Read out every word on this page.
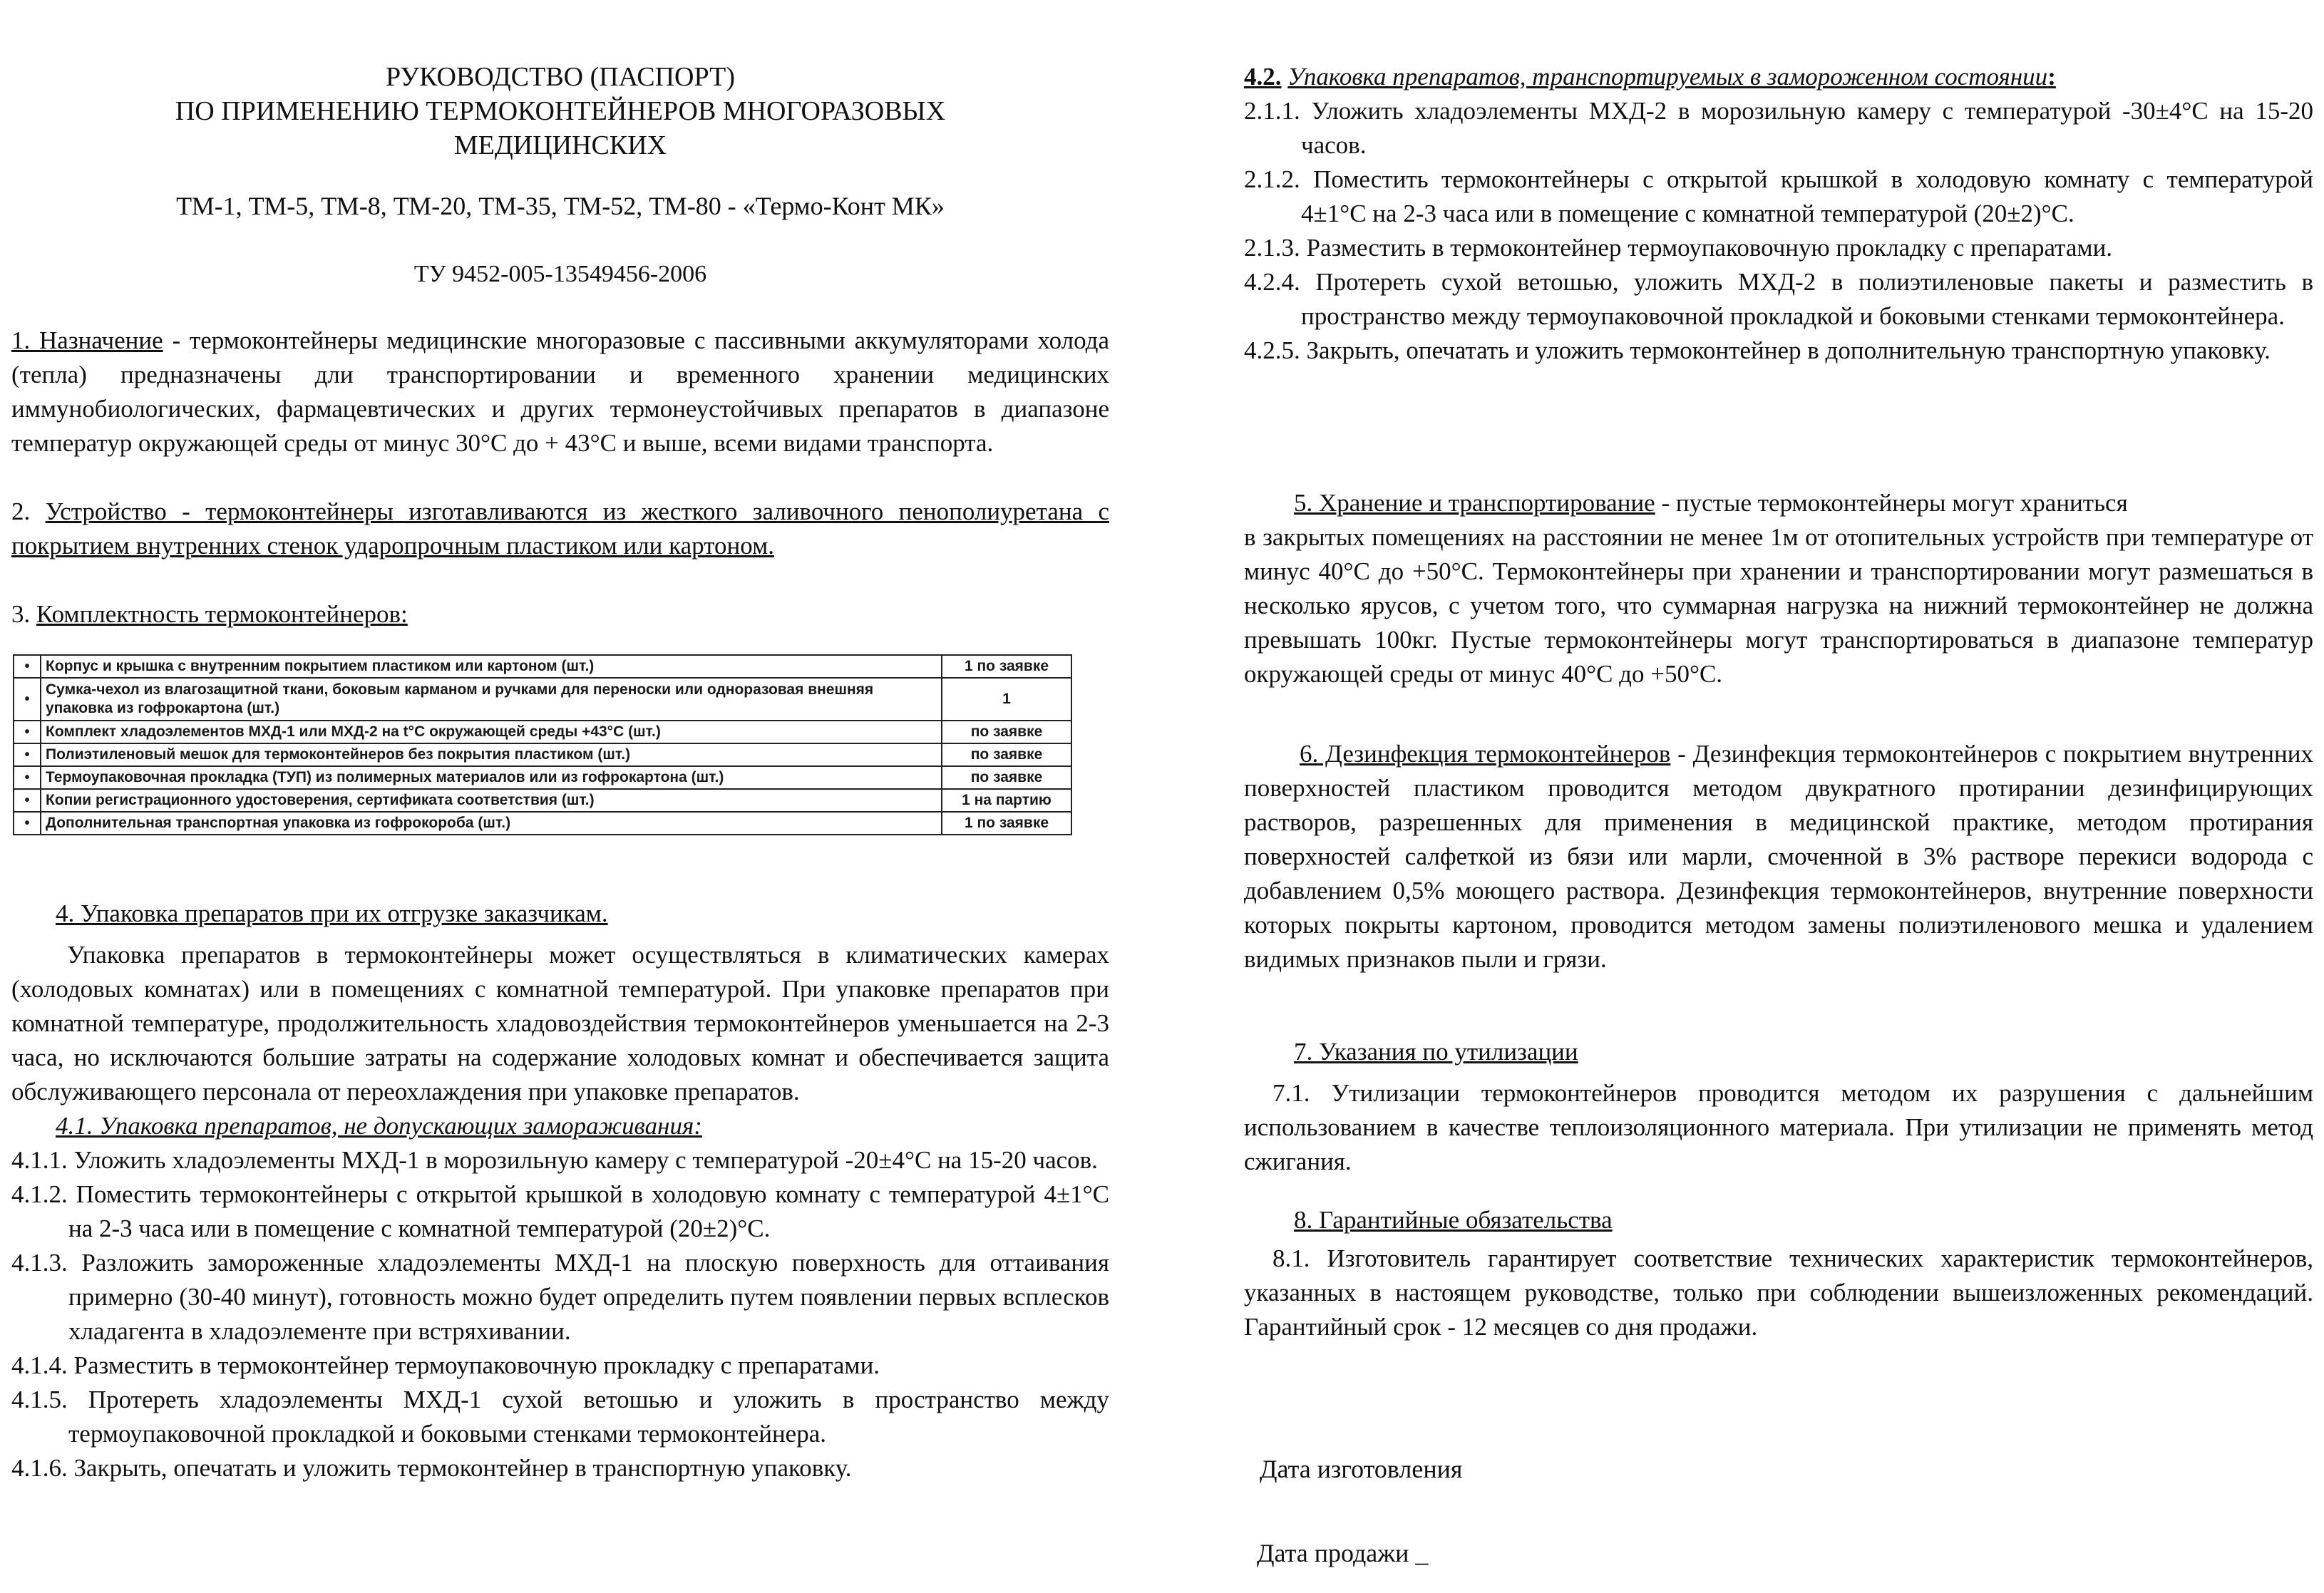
РУКОВОДСТВО (ПАСПОРТ)

ПО ПРИМЕНЕНИЮ ТЕРМОКОНТЕЙНЕРОВ МНОГОРАЗОВЫХ

МЕДИЦИНСКИХ

ТМ-1, ТМ-5, ТМ-8, ТМ-20, ТМ-35, ТМ-52, ТМ-80 - «Термо-Конт МК»
ТУ 9452-005-13549456-2006

1. Назначение - термоконтейнеры медицинские многоразовые с пассивными аккумуляторами холода (тепла) предназначены дли транспортировании и временного хранении медицинских иммунобиологических, фармацевтических и других термонеустойчивых препаратов в диапазоне температур окружающей среды от минус 30°С до + 43°С и выше, всеми видами транспорта.

2. Устройство - термоконтейнеры изготавливаются из жесткого заливочного пенополиуретана с покрытием внутренних стенок ударопрочным пластиком или картоном.

3. Комплектность термоконтейнеров:

•	Корпус и крышка с внутренним покрытием пластиком или картоном (шт.)	1 по заявке
•	Сумка-чехол из влагозащитной ткани, боковым карманом и ручками для переноски или одноразовая внешняя упаковка из гофрокартона (шт.)	1
•	Комплект хладоэлементов МХД-1 или МХД-2 на t°С окружающей среды +43°С (шт.)	по заявке
•	Полиэтиленовый мешок для термоконтейнеров без покрытия пластиком (шт.)	по заявке
•	Термоупаковочная прокладка (ТУП) из полимерных материалов или из гофрокартона (шт.)	по заявке
•	Копии регистрационного удостоверения, сертификата соответствия (шт.)	1 на партию
•	Дополнительная транспортная упаковка из гофрокороба (шт.)	1 по заявке

4. Упаковка препаратов при их отгрузке заказчикам.

Упаковка препаратов в термоконтейнеры может осуществляться в климатических камерах (холодовых комнатах) или в помещениях с комнатной температурой. При упаковке препаратов при комнатной температуре, продолжительность хладовоздействия термоконтейнеров уменьшается на 2-3 часа, но исключаются большие затраты на содержание холодовых комнат и обеспечивается защита обслуживающего персонала от переохлаждения при упаковке препаратов.

4.1. Упаковка препаратов, не допускающих замораживания:

4.1.1. Уложить хладоэлементы МХД-1 в морозильную камеру с температурой -20±4°С на 15-20 часов.

4.1.2. Поместить термоконтейнеры с открытой крышкой в холодовую комнату с температурой 4±1°С на 2-3 часа или в помещение с комнатной температурой (20±2)°С.

4.1.3. Разложить замороженные хладоэлементы МХД-1 на плоскую поверхность для оттаивания примерно (30-40 минут), готовность можно будет определить путем появлении первых всплесков хладагента в хладоэлементе при встряхивании.

4.1.4. Разместить в термоконтейнер термоупаковочную прокладку с препаратами.

4.1.5. Протереть хладоэлементы МХД-1 сухой ветошью и уложить в пространство между термоупаковочной прокладкой и боковыми стенками термоконтейнера.

4.1.6. Закрыть, опечатать и уложить термоконтейнер в транспортную упаковку.

4.2. Упаковка препаратов, транспортируемых в замороженном состоянии:

2.1.1. Уложить хладоэлементы МХД-2 в морозильную камеру с температурой -30±4°С на 15-20 часов.

2.1.2. Поместить термоконтейнеры с открытой крышкой в холодовую комнату с температурой 4±1°С на 2-3 часа или в помещение с комнатной температурой (20±2)°С.

2.1.3. Разместить в термоконтейнер термоупаковочную прокладку с препаратами.

4.2.4. Протереть сухой ветошью, уложить МХД-2 в полиэтиленовые пакеты и разместить в пространство между термоупаковочной прокладкой и боковыми стенками термоконтейнера.

4.2.5. Закрыть, опечатать и уложить термоконтейнер в дополнительную транспортную упаковку.

5. Хранение и транспортирование - пустые термоконтейнеры могут храниться

в закрытых помещениях на расстоянии не менее 1м от отопительных устройств при температуре от минус 40°С до +50°С. Термоконтейнеры при хранении и транспортировании могут размешаться в несколько ярусов, с учетом того, что суммарная нагрузка на нижний термоконтейнер не должна превышать 100кг. Пустые термоконтейнеры могут транспортироваться в диапазоне температур окружающей среды от минус 40°С до +50°С.

6. Дезинфекция термоконтейнеров - Дезинфекция термоконтейнеров с покрытием внутренних поверхностей пластиком проводится методом двукратного протирании дезинфицирующих растворов, разрешенных для применения в медицинской практике, методом протирания поверхностей салфеткой из бязи или марли, смоченной в 3% растворе перекиси водорода с добавлением 0,5% моющего раствора. Дезинфекция термоконтейнеров, внутренние поверхности которых покрыты картоном, проводится методом замены полиэтиленового мешка и удалением видимых признаков пыли и грязи.

7. Указания по утилизации

7.1. Утилизации термоконтейнеров проводится методом их разрушения с дальнейшим использованием в качестве теплоизоляционного материала. При утилизации не применять метод сжигания.

8. Гарантийные обязательства

8.1. Изготовитель гарантирует соответствие технических характеристик термоконтейнеров, указанных в настоящем руководстве, только при соблюдении вышеизложенных рекомендаций. Гарантийный срок - 12 месяцев со дня продажи.

Дата изготовления
Дата продажи _
